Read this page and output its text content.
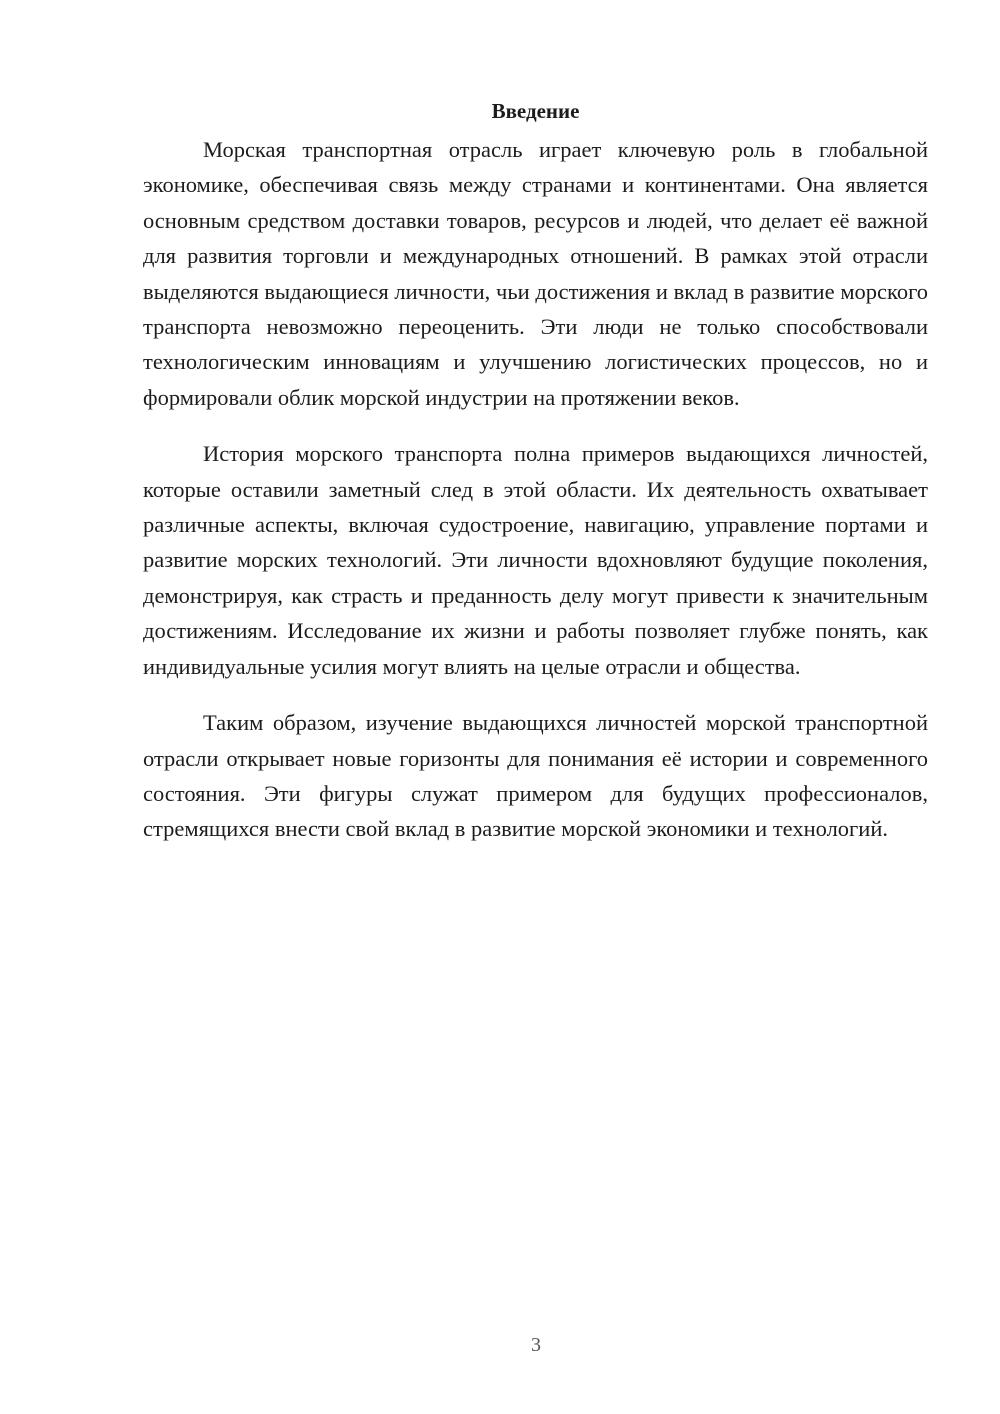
Введение

Морская транспортная отрасль играет ключевую роль в глобальной экономике, обеспечивая связь между странами и континентами. Она является основным средством доставки товаров, ресурсов и людей, что делает её важной для развития торговли и международных отношений. В рамках этой отрасли выделяются выдающиеся личности, чьи достижения и вклад в развитие морского транспорта невозможно переоценить. Эти люди не только способствовали технологическим инновациям и улучшению логистических процессов, но и формировали облик морской индустрии на протяжении веков.

История морского транспорта полна примеров выдающихся личностей, которые оставили заметный след в этой области. Их деятельность охватывает различные аспекты, включая судостроение, навигацию, управление портами и развитие морских технологий. Эти личности вдохновляют будущие поколения, демонстрируя, как страсть и преданность делу могут привести к значительным достижениям. Исследование их жизни и работы позволяет глубже понять, как индивидуальные усилия могут влиять на целые отрасли и общества.

Таким образом, изучение выдающихся личностей морской транспортной отрасли открывает новые горизонты для понимания её истории и современного состояния. Эти фигуры служат примером для будущих профессионалов, стремящихся внести свой вклад в развитие морской экономики и технологий.

3
